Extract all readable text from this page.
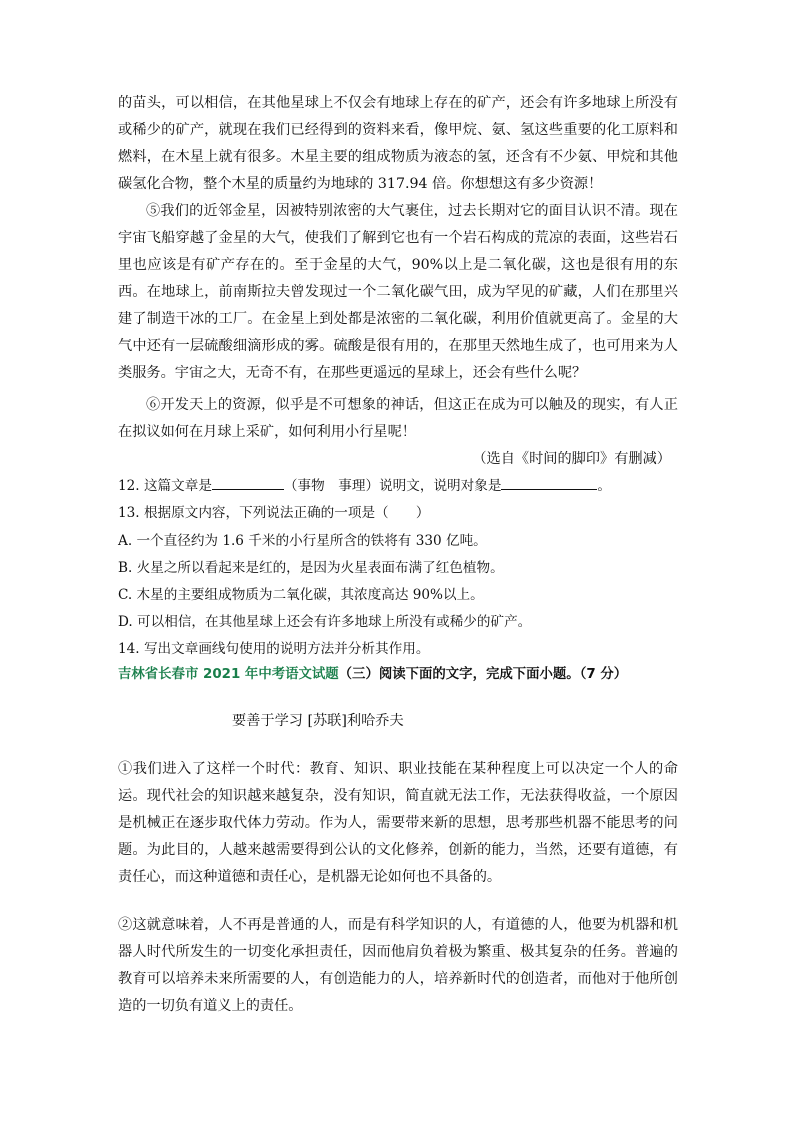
的苗头，可以相信，在其他星球上不仅会有地球上存在的矿产，还会有许多地球上所没有或稀少的矿产，就现在我们已经得到的资料来看，像甲烷、氨、氢这些重要的化工原料和燃料，在木星上就有很多。木星主要的组成物质为液态的氢，还含有不少氨、甲烷和其他碳氢化合物，整个木星的质量约为地球的 317.94 倍。你想想这有多少资源！

⑤我们的近邻金星，因被特别浓密的大气裹住，过去长期对它的面目认识不清。现在宇宙飞船穿越了金星的大气，使我们了解到它也有一个岩石构成的荒凉的表面，这些岩石里也应该是有矿产存在的。至于金星的大气，90%以上是二氧化碳，这也是很有用的东西。在地球上，前南斯拉夫曾发现过一个二氧化碳气田，成为罕见的矿藏，人们在那里兴建了制造干冰的工厂。在金星上到处都是浓密的二氧化碳，利用价值就更高了。金星的大气中还有一层硫酸细滴形成的雾。硫酸是很有用的，在那里天然地生成了，也可用来为人类服务。宇宙之大，无奇不有，在那些更遥远的星球上，还会有些什么呢？

⑥开发天上的资源，似乎是不可想象的神话，但这正在成为可以触及的现实，有人正在拟议如何在月球上采矿，如何利用小行星呢！

（选自《时间的脚印》有删减）
12. 这篇文章是	（事物　事理）说明文，说明对象是	。
13. 根据原文内容，下列说法正确的一项是（　　）
A. 一个直径约为 1.6 千米的小行星所含的铁将有 330 亿吨。
B. 火星之所以看起来是红的，是因为火星表面布满了红色植物。
C. 木星的主要组成物质为二氧化碳，其浓度高达 90%以上。
D. 可以相信，在其他星球上还会有许多地球上所没有或稀少的矿产。
14. 写出文章画线句使用的说明方法并分析其作用。
吉林省长春市 2021 年中考语文试题（三）阅读下面的文字，完成下面小题。（7 分）
要善于学习 [苏联]利哈乔夫

①我们进入了这样一个时代：教育、知识、职业技能在某种程度上可以决定一个人的命运。现代社会的知识越来越复杂，没有知识，简直就无法工作，无法获得收益，一个原因是机械正在逐步取代体力劳动。作为人，需要带来新的思想，思考那些机器不能思考的问题。为此目的，人越来越需要得到公认的文化修养，创新的能力，当然，还要有道德，有责任心，而这种道德和责任心，是机器无论如何也不具备的。

②这就意味着，人不再是普通的人，而是有科学知识的人，有道德的人，他要为机器和机器人时代所发生的一切变化承担责任，因而他肩负着极为繁重、极其复杂的任务。普遍的教育可以培养未来所需要的人，有创造能力的人，培养新时代的创造者，而他对于他所创造的一切负有道义上的责任。
